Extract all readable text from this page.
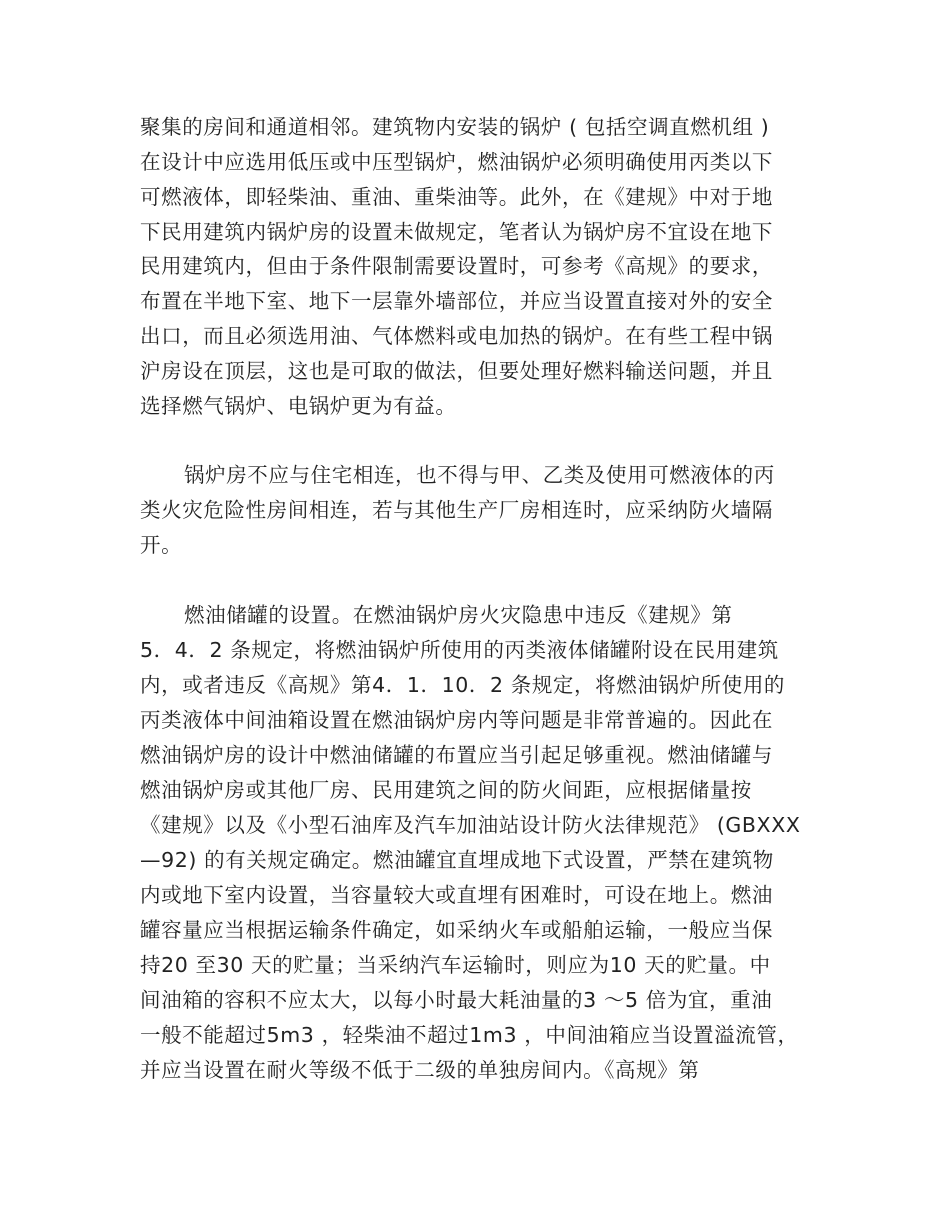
聚集的房间和通道相邻。建筑物内安装的锅炉 ( 包括空调直燃机组 )
在设计中应选用低压或中压型锅炉，燃油锅炉必须明确使用丙类以下
可燃液体，即轻柴油、重油、重柴油等。此外，在《建规》中对于地
下民用建筑内锅炉房的设置未做规定，笔者认为锅炉房不宜设在地下
民用建筑内，但由于条件限制需要设置时，可参考《高规》的要求，
布置在半地下室、地下一层靠外墙部位，并应当设置直接对外的安全
出口，而且必须选用油、气体燃料或电加热的锅炉。在有些工程中锅
沪房设在顶层，这也是可取的做法，但要处理好燃料输送问题，并且
选择燃气锅炉、电锅炉更为有益。
锅炉房不应与住宅相连，也不得与甲、乙类及使用可燃液体的丙
类火灾危险性房间相连，若与其他生产厂房相连时，应采纳防火墙隔
开。
燃油储罐的设置。在燃油锅炉房火灾隐患中违反《建规》第
5．4．2 条规定，将燃油锅炉所使用的丙类液体储罐附设在民用建筑
内，或者违反《高规》第4．1．10．2 条规定，将燃油锅炉所使用的
丙类液体中间油箱设置在燃油锅炉房内等问题是非常普遍的。因此在
燃油锅炉房的设计中燃油储罐的布置应当引起足够重视。燃油储罐与
燃油锅炉房或其他厂房、民用建筑之间的防火间距，应根据储量按
《建规》以及《小型石油库及汽车加油站设计防火法律规范》 (GBXXX
—92) 的有关规定确定。燃油罐宜直埋成地下式设置，严禁在建筑物
内或地下室内设置，当容量较大或直埋有困难时，可设在地上。燃油
罐容量应当根据运输条件确定，如采纳火车或船舶运输，一般应当保
持20 至30 天的贮量；当采纳汽车运输时，则应为10 天的贮量。中
间油箱的容积不应太大，以每小时最大耗油量的3 ～5 倍为宜，重油
一般不能超过5m3 ，轻柴油不超过1m3 ，中间油箱应当设置溢流管，
并应当设置在耐火等级不低于二级的单独房间内。《高规》第
